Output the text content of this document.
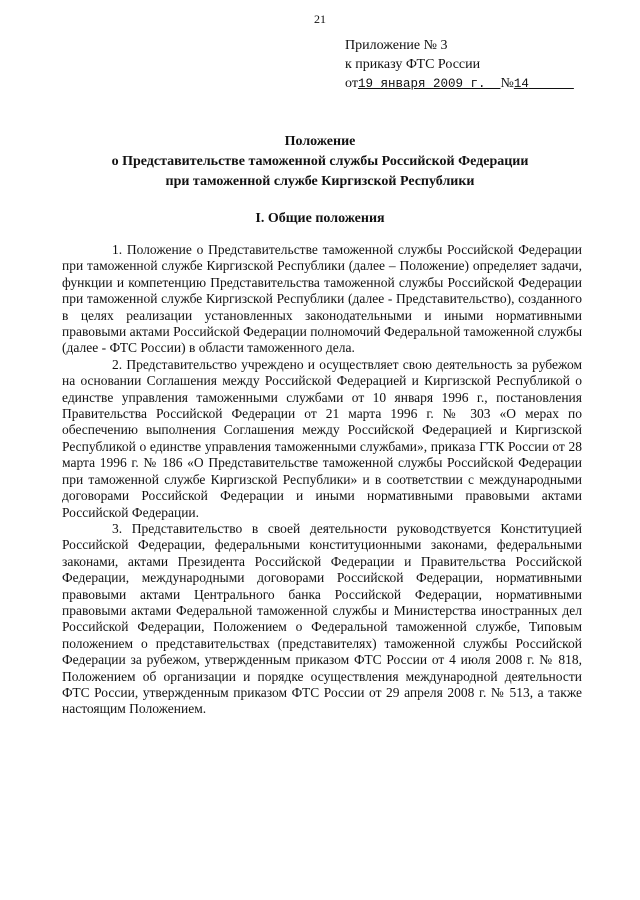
21
Приложение № 3
к приказу ФТС России
от19 января 2009 г. №14
Положение
о Представительстве таможенной службы Российской Федерации
при таможенной службе Киргизской Республики
I. Общие положения

1. Положение о Представительстве таможенной службы Российской Федерации при таможенной службе Киргизской Республики (далее – Положение) определяет задачи, функции и компетенцию Представительства таможенной службы Российской Федерации при таможенной службе Киргизской Республики (далее - Представительство), созданного в целях реализации установленных законодательными и иными нормативными правовыми актами Российской Федерации полномочий Федеральной таможенной службы (далее - ФТС России) в области таможенного дела.

2. Представительство учреждено и осуществляет свою деятельность за рубежом на основании Соглашения между Российской Федерацией и Киргизской Республикой о единстве управления таможенными службами от 10 января 1996 г., постановления Правительства Российской Федерации от 21 марта 1996 г. № 303 «О мерах по обеспечению выполнения Соглашения между Российской Федерацией и Киргизской Республикой о единстве управления таможенными службами», приказа ГТК России от 28 марта 1996 г. № 186 «О Представительстве таможенной службы Российской Федерации при таможенной службе Киргизской Республики» и в соответствии с международными договорами Российской Федерации и иными нормативными правовыми актами Российской Федерации.

3. Представительство в своей деятельности руководствуется Конституцией Российской Федерации, федеральными конституционными законами, федеральными законами, актами Президента Российской Федерации и Правительства Российской Федерации, международными договорами Российской Федерации, нормативными правовыми актами Центрального банка Российской Федерации, нормативными правовыми актами Федеральной таможенной службы и Министерства иностранных дел Российской Федерации, Положением о Федеральной таможенной службе, Типовым положением о представительствах (представителях) таможенной службы Российской Федерации за рубежом, утвержденным приказом ФТС России от 4 июля 2008 г. № 818, Положением об организации и порядке осуществления международной деятельности ФТС России, утвержденным приказом ФТС России от 29 апреля 2008 г. № 513, а также настоящим Положением.
